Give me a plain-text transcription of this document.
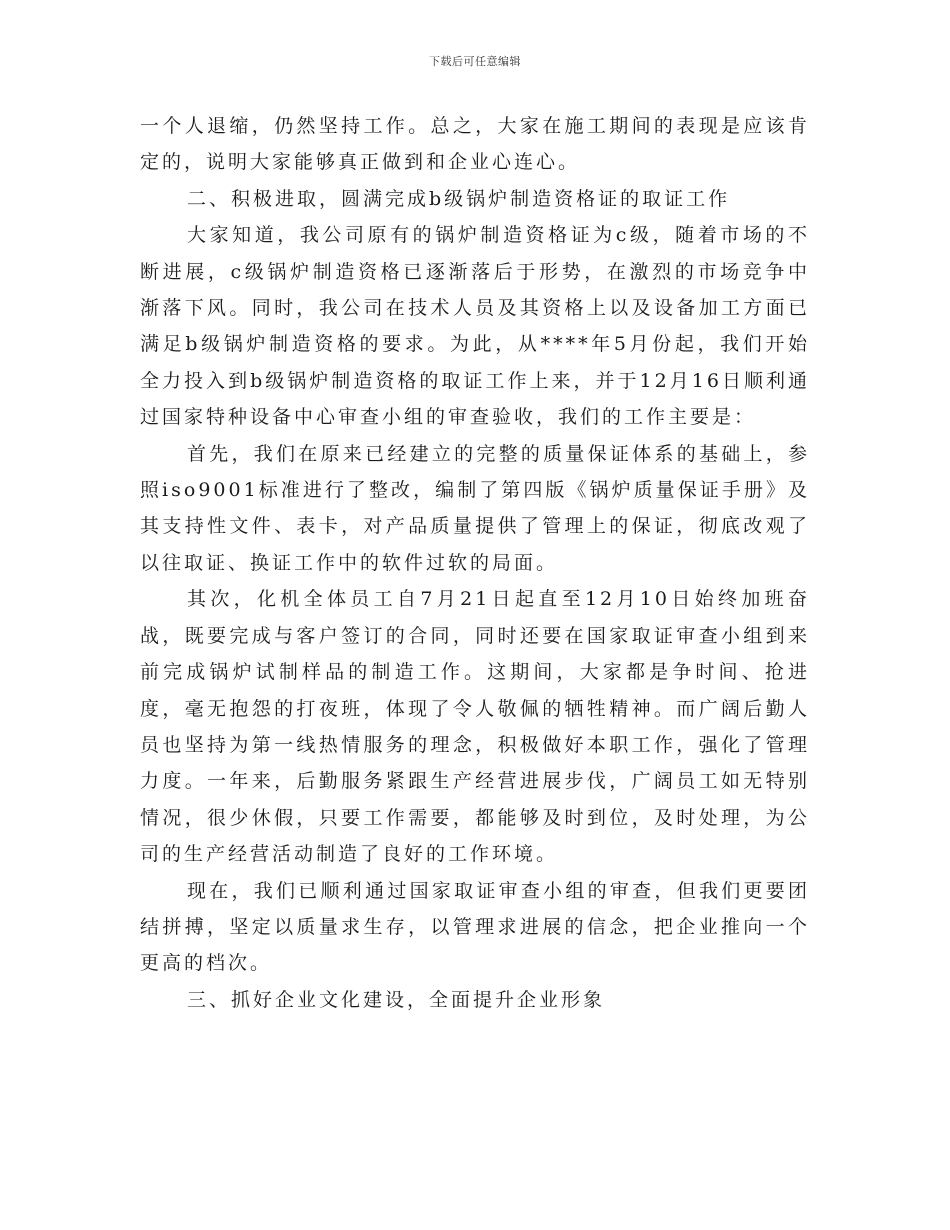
下载后可任意编辑

一个人退缩，仍然坚持工作。总之，大家在施工期间的表现是应该肯定的，说明大家能够真正做到和企业心连心。

二、积极进取，圆满完成b级锅炉制造资格证的取证工作

大家知道，我公司原有的锅炉制造资格证为c级，随着市场的不断进展，c级锅炉制造资格已逐渐落后于形势，在激烈的市场竞争中渐落下风。同时，我公司在技术人员及其资格上以及设备加工方面已满足b级锅炉制造资格的要求。为此，从****年5月份起，我们开始全力投入到b级锅炉制造资格的取证工作上来，并于12月16日顺利通过国家特种设备中心审查小组的审查验收，我们的工作主要是：

首先，我们在原来已经建立的完整的质量保证体系的基础上，参照iso9001标准进行了整改，编制了第四版《锅炉质量保证手册》及其支持性文件、表卡，对产品质量提供了管理上的保证，彻底改观了以往取证、换证工作中的软件过软的局面。

其次，化机全体员工自7月21日起直至12月10日始终加班奋战，既要完成与客户签订的合同，同时还要在国家取证审查小组到来前完成锅炉试制样品的制造工作。这期间，大家都是争时间、抢进度，毫无抱怨的打夜班，体现了令人敬佩的牺牲精神。而广阔后勤人员也坚持为第一线热情服务的理念，积极做好本职工作，强化了管理力度。一年来，后勤服务紧跟生产经营进展步伐，广阔员工如无特别情况，很少休假，只要工作需要，都能够及时到位，及时处理，为公司的生产经营活动制造了良好的工作环境。

现在，我们已顺利通过国家取证审查小组的审查，但我们更要团结拼搏，坚定以质量求生存，以管理求进展的信念，把企业推向一个更高的档次。

三、抓好企业文化建设，全面提升企业形象
